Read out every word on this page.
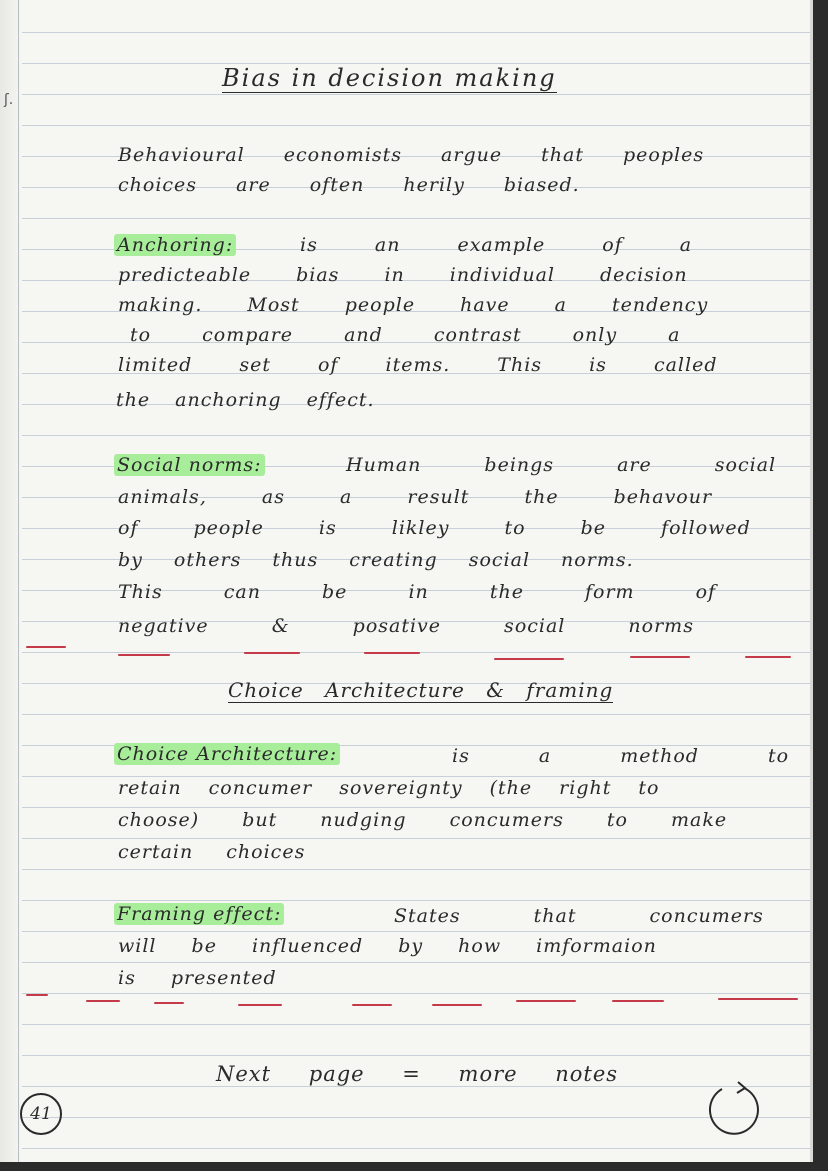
ʃ.
Bias in decision making
Behavioural economists argue that peoples choices are often herily biased.
Anchoring:	is an example of a
predicteable bias in individual decision
making. Most people have a tendency
to compare and contrast only a
limited set of items. This is called
the anchoring effect.
Social norms:	Human beings are social
animals, as a result the behavour
of people is likley to be followed
by others thus creating social norms.
This can be in the form of
negative & posative social norms
Choice Architecture & framing
Choice Architecture:	is a method to
retain concumer sovereignty (the right to
choose) but nudging concumers to make
certain choices
Framing effect:	States that concumers
will be influenced by how imformaion
is presented
Next page = more notes
41
